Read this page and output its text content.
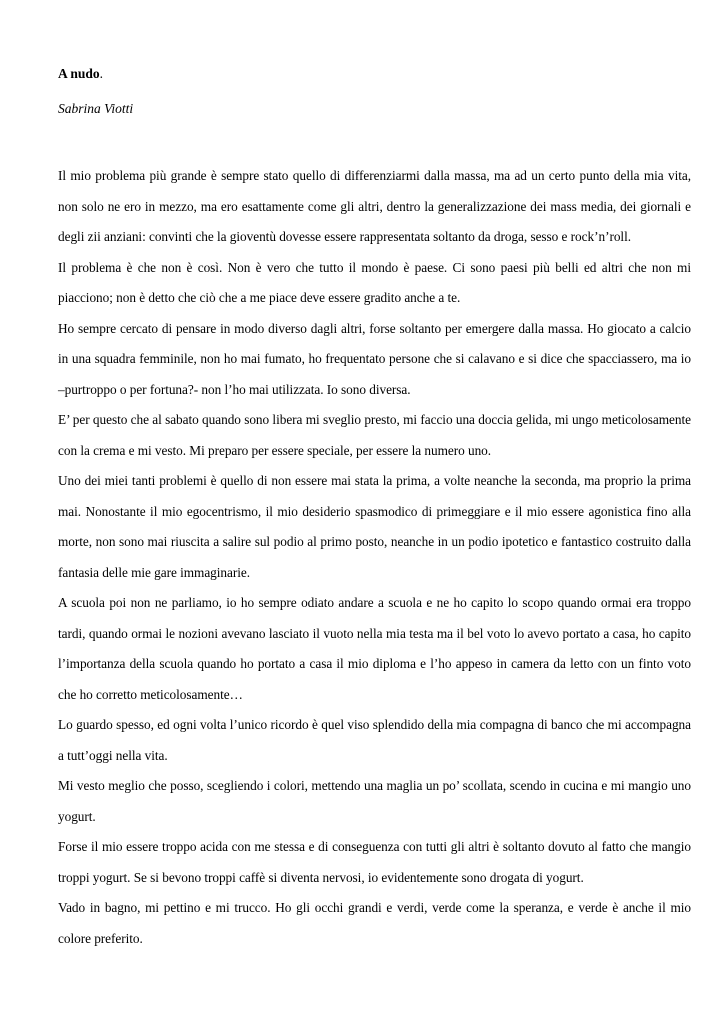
A nudo.

Sabrina Viotti

Il mio problema più grande è sempre stato quello di differenziarmi dalla massa, ma ad un certo punto della mia vita, non solo ne ero in mezzo, ma ero esattamente come gli altri, dentro la generalizzazione dei mass media, dei giornali e degli zii anziani: convinti che la gioventù dovesse essere rappresentata soltanto da droga, sesso e rock’n’roll.

Il problema è che non è così. Non è vero che tutto il mondo è paese. Ci sono paesi più belli ed altri che non mi piacciono; non è detto che ciò che a me piace deve essere gradito anche a te.

Ho sempre cercato di pensare in modo diverso dagli altri, forse soltanto per emergere dalla massa. Ho giocato a calcio in una squadra femminile, non ho mai fumato, ho frequentato persone che si calavano e si dice che spacciassero, ma io –purtroppo o per fortuna?- non l’ho mai utilizzata. Io sono diversa.

E’ per questo che al sabato quando sono libera mi sveglio presto, mi faccio una doccia gelida, mi ungo meticolosamente con la crema e mi vesto. Mi preparo per essere speciale, per essere la numero uno.

Uno dei miei tanti problemi è quello di non essere mai stata la prima, a volte neanche la seconda, ma proprio la prima mai. Nonostante il mio egocentrismo, il mio desiderio spasmodico di primeggiare e il mio essere agonistica fino alla morte, non sono mai riuscita a salire sul podio al primo posto, neanche in un podio ipotetico e fantastico costruito dalla fantasia delle mie gare immaginarie.

A scuola poi non ne parliamo, io ho sempre odiato andare a scuola e ne ho capito lo scopo quando ormai era troppo tardi, quando ormai le nozioni avevano lasciato il vuoto nella mia testa ma il bel voto lo avevo portato a casa, ho capito l’importanza della scuola quando ho portato a casa il mio diploma e l’ho appeso in camera da letto con un finto voto che ho corretto meticolosamente…

Lo guardo spesso, ed ogni volta l’unico ricordo è quel viso splendido della mia compagna di banco che mi accompagna a tutt’oggi nella vita.

Mi vesto meglio che posso, scegliendo i colori, mettendo una maglia un po’ scollata, scendo in cucina e mi mangio uno yogurt.

Forse il mio essere troppo acida con me stessa e di conseguenza con tutti gli altri è soltanto dovuto al fatto che mangio troppi yogurt. Se si bevono troppi caffè si diventa nervosi, io evidentemente sono drogata di yogurt.

Vado in bagno, mi pettino e mi trucco. Ho gli occhi grandi e verdi, verde come la speranza, e verde è anche il mio colore preferito.
